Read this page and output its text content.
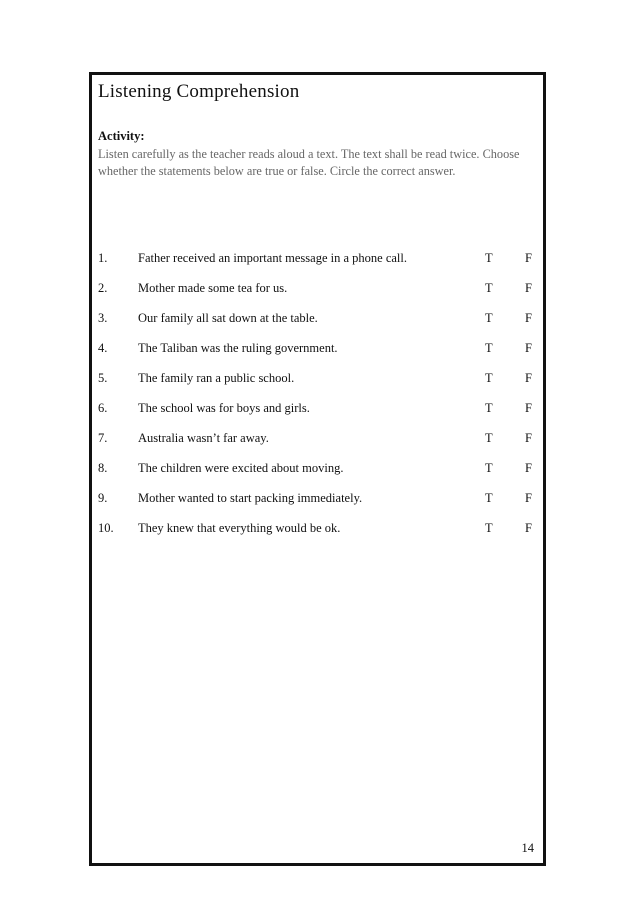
Listening Comprehension
Activity:
Listen carefully as the teacher reads aloud a text. The text shall be read twice. Choose whether the statements below are true or false. Circle the correct answer.
1. Father received an important message in a phone call.	T	F
2. Mother made some tea for us.	T	F
3. Our family all sat down at the table.	T	F
4. The Taliban was the ruling government.	T	F
5. The family ran a public school.	T	F
6. The school was for boys and girls.	T	F
7. Australia wasn’t far away.	T	F
8. The children were excited about moving.	T	F
9. Mother wanted to start packing immediately.	T	F
10. They knew that everything would be ok.	T	F
14
